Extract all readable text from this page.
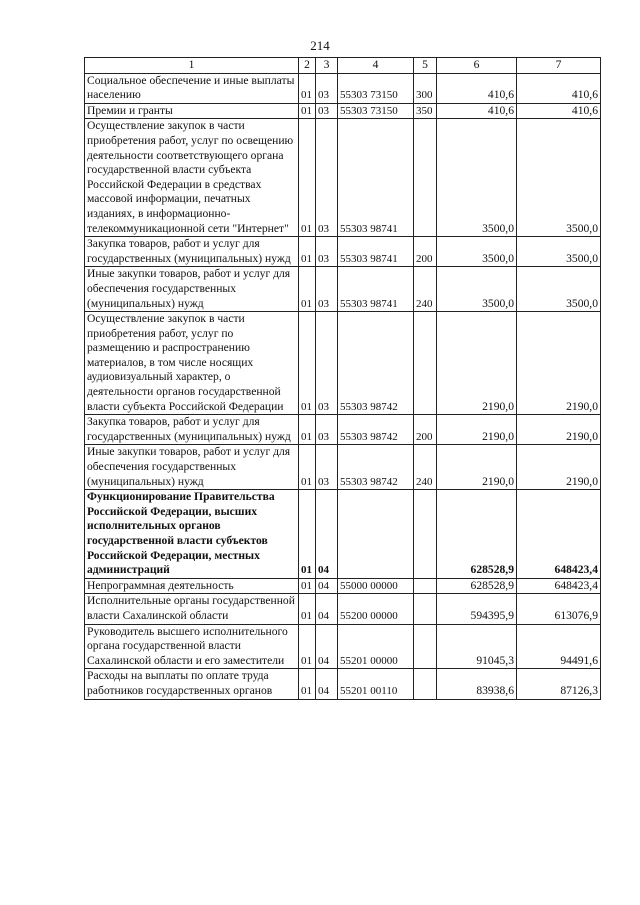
214
1	2	3	4	5	6	7
Социальное обеспечение и иные выплаты населению	01	03	55303 73150	300	410,6	410,6
Премии и гранты	01	03	55303 73150	350	410,6	410,6
Осуществление закупок в части приобретения работ, услуг по освещению деятельности соответствующего органа государственной власти субъекта Российской Федерации в средствах массовой информации, печатных изданиях, в информационно-телекоммуникационной сети "Интернет"	01	03	55303 98741		3500,0	3500,0
Закупка товаров, работ и услуг для государственных (муниципальных) нужд	01	03	55303 98741	200	3500,0	3500,0
Иные закупки товаров, работ и услуг для обеспечения государственных (муниципальных) нужд	01	03	55303 98741	240	3500,0	3500,0
Осуществление закупок в части приобретения работ, услуг по размещению и распространению материалов, в том числе носящих аудиовизуальный характер, о деятельности органов государственной власти субъекта Российской Федерации	01	03	55303 98742		2190,0	2190,0
Закупка товаров, работ и услуг для государственных (муниципальных) нужд	01	03	55303 98742	200	2190,0	2190,0
Иные закупки товаров, работ и услуг для обеспечения государственных (муниципальных) нужд	01	03	55303 98742	240	2190,0	2190,0
Функционирование Правительства Российской Федерации, высших исполнительных органов государственной власти субъектов Российской Федерации, местных администраций	01	04			628528,9	648423,4
Непрограммная деятельность	01	04	55000 00000		628528,9	648423,4
Исполнительные органы государственной власти Сахалинской области	01	04	55200 00000		594395,9	613076,9
Руководитель высшего исполнительного органа государственной власти Сахалинской области и его заместители	01	04	55201 00000		91045,3	94491,6
Расходы на выплаты по оплате труда работников государственных органов	01	04	55201 00110		83938,6	87126,3
